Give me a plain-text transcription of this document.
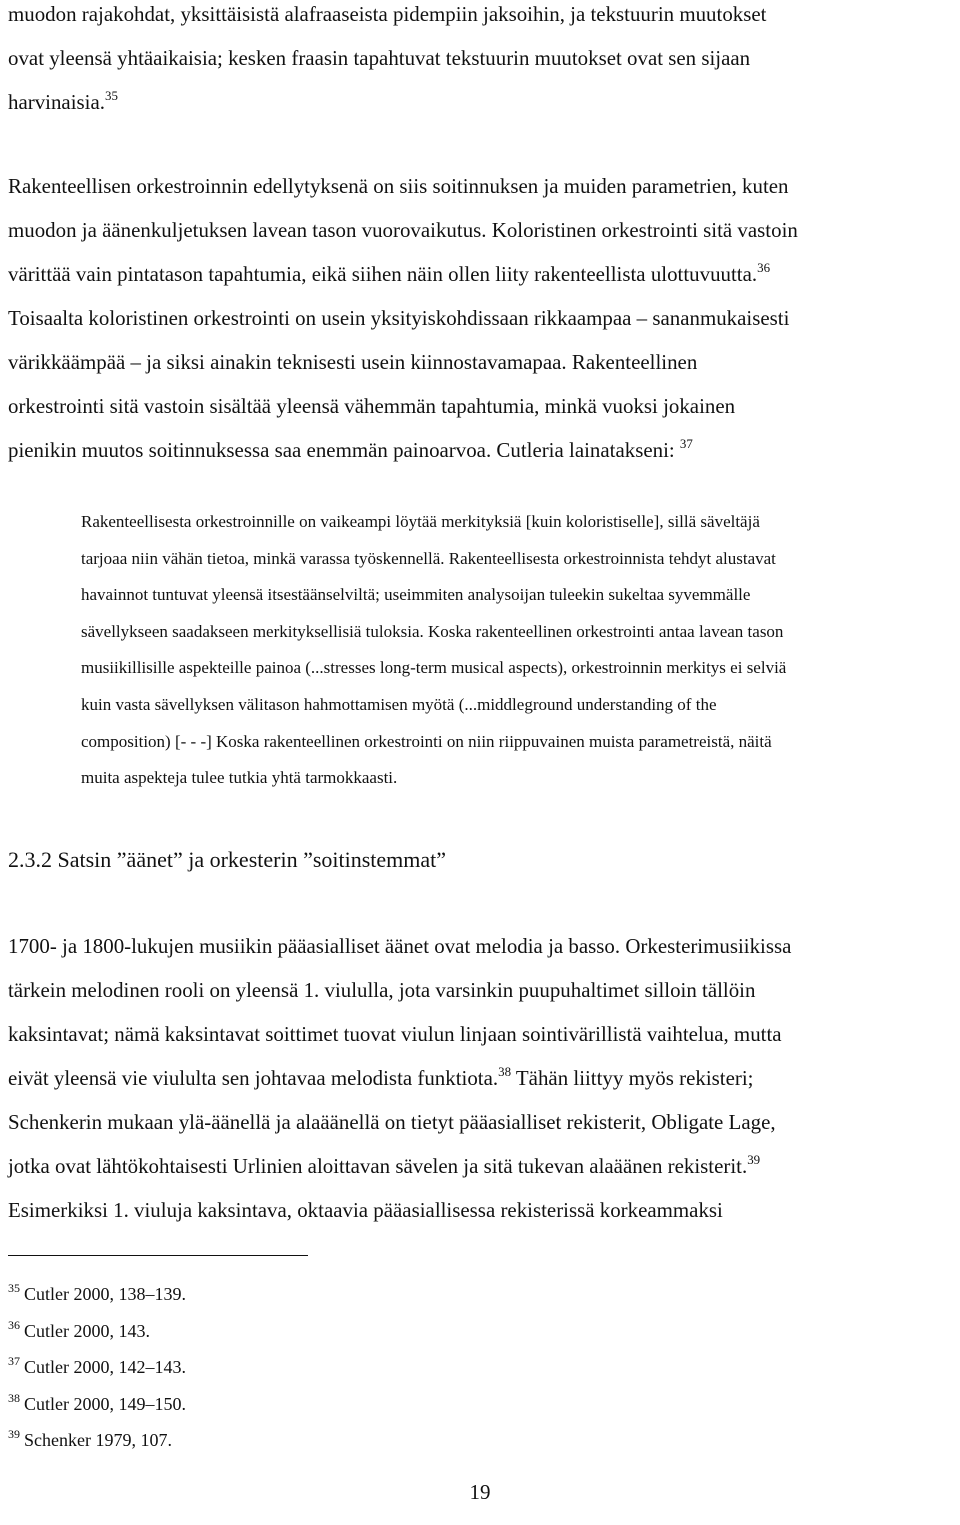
muodon rajakohdat, yksittäisistä alafraaseista pidempiin jaksoihin, ja tekstuurin muutokset
ovat yleensä yhtäaikaisia; kesken fraasin tapahtuvat tekstuurin muutokset ovat sen sijaan
harvinaisia.$^{35}$
Rakenteellisen orkestroinnin edellytyksenä on siis soitinnuksen ja muiden parametrien, kuten
muodon ja äänenkuljetuksen lavean tason vuorovaikutus. Koloristinen orkestrointi sitä vastoin
värittää vain pintatason tapahtumia, eikä siihen näin ollen liity rakenteellista ulottuvuutta.$^{36}$
Toisaalta koloristinen orkestrointi on usein yksityiskohdissaan rikkaampaa – sananmukaisesti
värikkäämpää – ja siksi ainakin teknisesti usein kiinnostavamapaa. Rakenteellinen
orkestrointi sitä vastoin sisältää yleensä vähemmän tapahtumia, minkä vuoksi jokainen
pienikin muutos soitinnuksessa saa enemmän painoarvoa. Cutleria lainatakseni: $^{37}$
Rakenteellisesta orkestroinnille on vaikeampi löytää merkityksiä [kuin koloristiselle], sillä säveltäjä
tarjoaa niin vähän tietoa, minkä varassa työskennellä. Rakenteellisesta orkestroinnista tehdyt alustavat
havainnot tuntuvat yleensä itsestäänselviltä; useimmiten analysoijan tuleekin sukeltaa syvemmälle
sävellykseen saadakseen merkityksellisiä tuloksia. Koska rakenteellinen orkestrointi antaa lavean tason
musiikillisille aspekteille painoa (...stresses long-term musical aspects), orkestroinnin merkitys ei selviä
kuin vasta sävellyksen välitason hahmottamisen myötä (...middleground understanding of the
composition) [- - -] Koska rakenteellinen orkestrointi on niin riippuvainen muista parametreistä, näitä
muita aspekteja tulee tutkia yhtä tarmokkaasti.
2.3.2 Satsin ”äänet” ja orkesterin ”soitinstemmat”
1700- ja 1800-lukujen musiikin pääasialliset äänet ovat melodia ja basso. Orkesterimusiikissa
tärkein melodinen rooli on yleensä 1. viululla, jota varsinkin puupuhaltimet silloin tällöin
kaksintavat; nämä kaksintavat soittimet tuovat viulun linjaan sointivärillistä vaihtelua, mutta
eivät yleensä vie viululta sen johtavaa melodista funktiota.$^{38}$ Tähän liittyy myös rekisteri;
Schenkerin mukaan ylä-äänellä ja alaäänellä on tietyt pääasialliset rekisterit, Obligate Lage,
jotka ovat lähtökohtaisesti Urlinien aloittavan sävelen ja sitä tukevan alaäänen rekisterit.$^{39}$
Esimerkiksi 1. viuluja kaksintava, oktaavia pääasiallisessa rekisterissä korkeammaksi
$^{35}$ Cutler 2000, 138–139.
$^{36}$ Cutler 2000, 143.
$^{37}$ Cutler 2000, 142–143.
$^{38}$ Cutler 2000, 149–150.
$^{39}$ Schenker 1979, 107.
19
